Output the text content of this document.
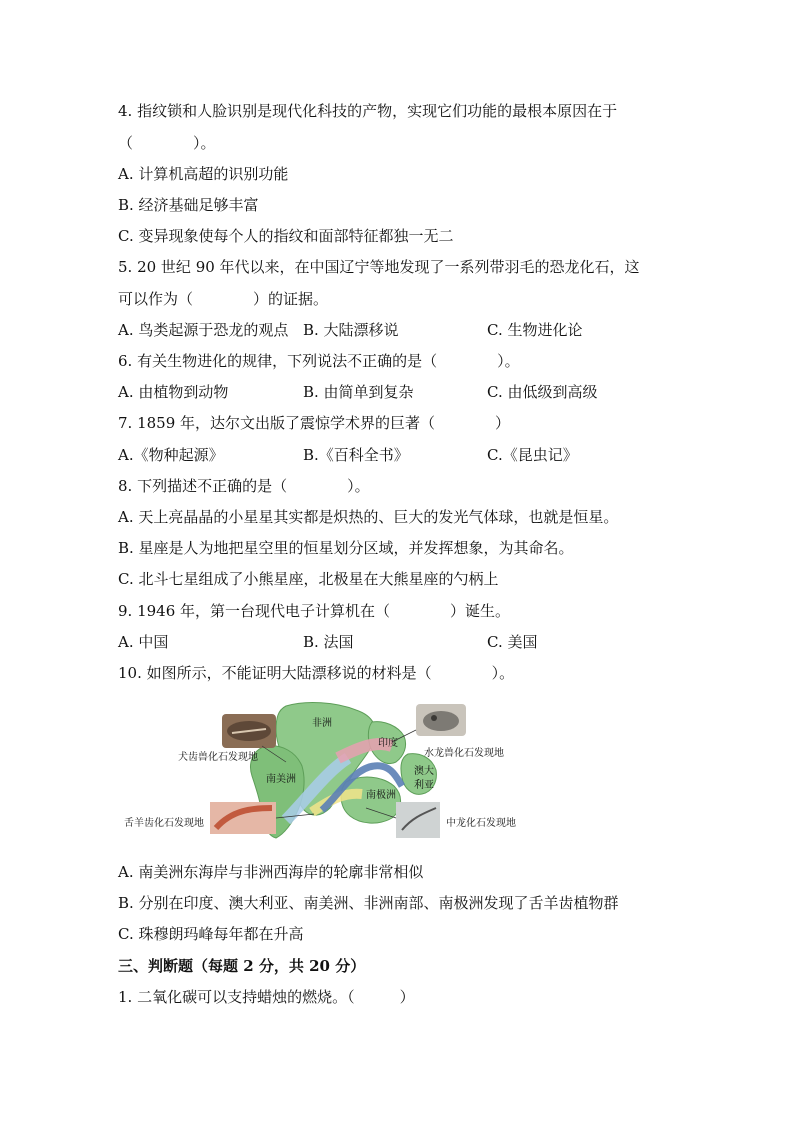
4. 指纹锁和人脸识别是现代化科技的产物，实现它们功能的最根本原因在于
（　　　　）。
A. 计算机高超的识别功能
B. 经济基础足够丰富
C. 变异现象使每个人的指纹和面部特征都独一无二
5. 20 世纪 90 年代以来，在中国辽宁等地发现了一系列带羽毛的恐龙化石，这
可以作为（　　　　）的证据。
A. 鸟类起源于恐龙的观点 B. 大陆漂移说	C. 生物进化论
6. 有关生物进化的规律，下列说法不正确的是（　　　　）。
A. 由植物到动物	B. 由简单到复杂	C. 由低级到高级
7. 1859 年，达尔文出版了震惊学术界的巨著（　　　　）
A.《物种起源》	B.《百科全书》	C.《昆虫记》
8. 下列描述不正确的是（　　　　）。
A. 天上亮晶晶的小星星其实都是炽热的、巨大的发光气体球，也就是恒星。
B. 星座是人为地把星空里的恒星划分区域，并发挥想象，为其命名。
C. 北斗七星组成了小熊星座，北极星在大熊星座的勺柄上
9. 1946 年，第一台现代电子计算机在（　　　　）诞生。
A. 中国	B. 法国	C. 美国
10. 如图所示，不能证明大陆漂移说的材料是（　　　　）。
非洲
印度
南美洲
南极洲
澳大
利亚
犬齿兽化石发现地	水龙兽化石发现地
舌羊齿化石发现地	中龙化石发现地
A. 南美洲东海岸与非洲西海岸的轮廓非常相似
B. 分别在印度、澳大利亚、南美洲、非洲南部、南极洲发现了舌羊齿植物群
C. 珠穆朗玛峰每年都在升高
三、判断题（每题 2 分，共 20 分）
1. 二氧化碳可以支持蜡烛的燃烧。（　　　）
